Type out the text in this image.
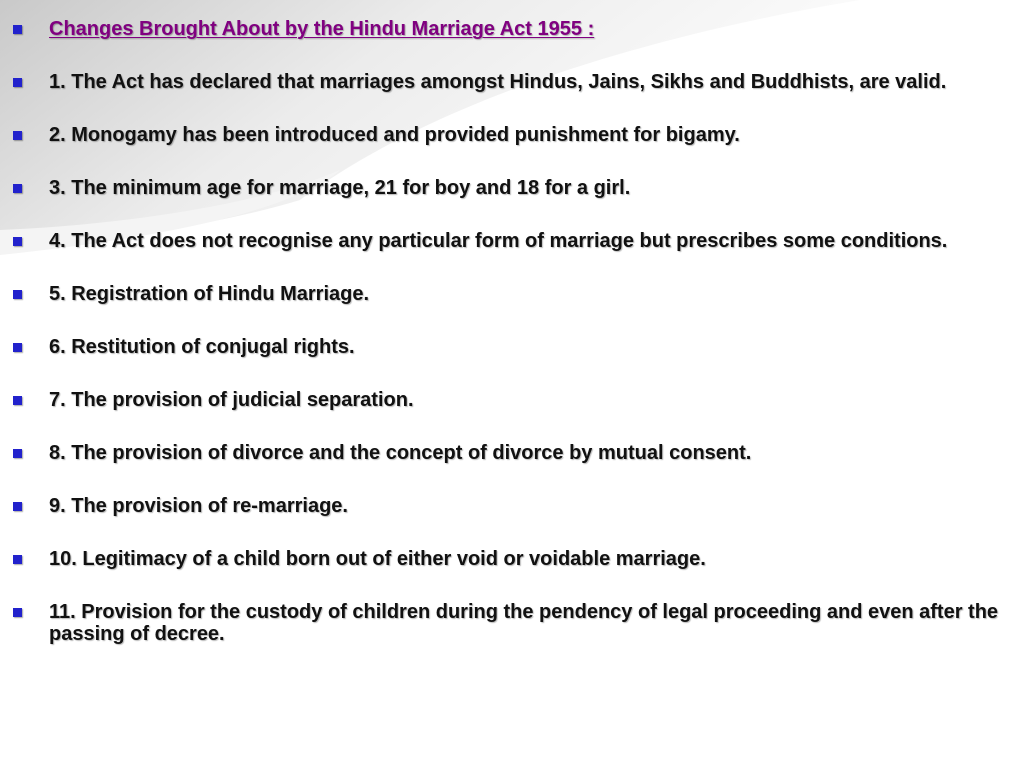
Changes Brought About by the Hindu Marriage Act 1955 :
1. The Act has declared that marriages amongst Hindus, Jains, Sikhs and Buddhists, are valid.
2. Monogamy has been introduced and provided punishment for bigamy.
3. The minimum age for marriage, 21 for boy and 18 for a girl.
4. The Act does not recognise any particular form of marriage but prescribes some conditions.
5. Registration of Hindu Marriage.
6. Restitution of conjugal rights.
7. The provision of judicial separation.
8. The provision of divorce and the concept of divorce by mutual consent.
9. The provision of re-marriage.
10. Legitimacy of a child born out of either void or voidable marriage.
11. Provision for the custody of children during the pendency of legal proceeding and even after the passing of decree.
